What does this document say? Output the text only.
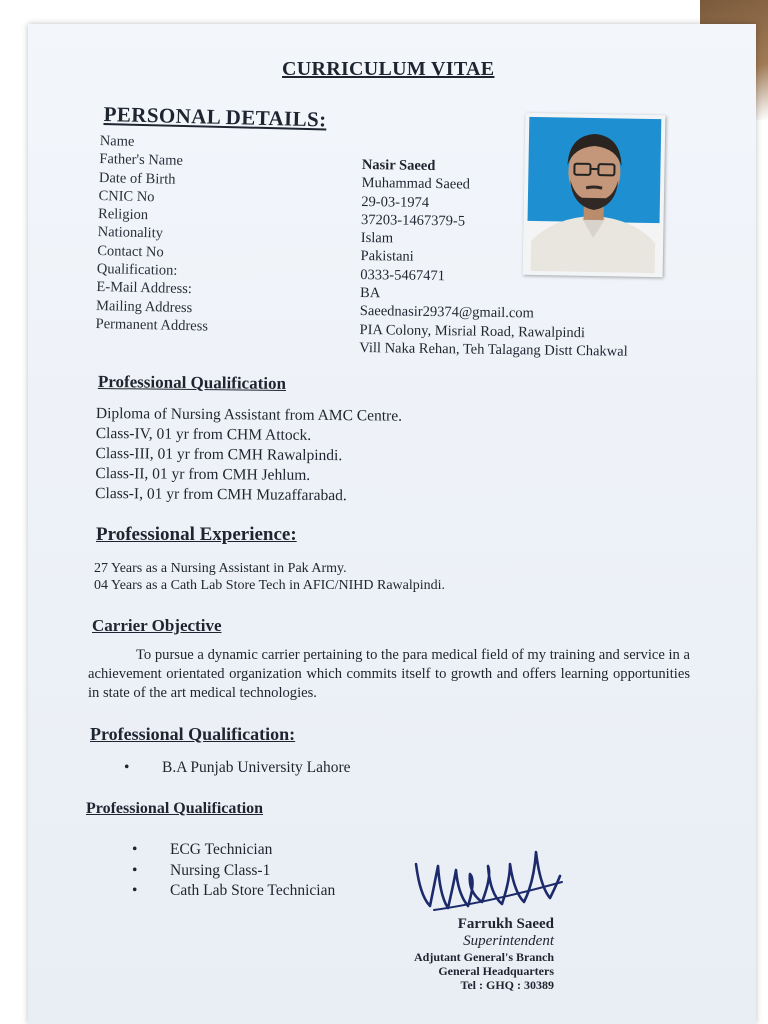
CURRICULUM VITAE
PERSONAL DETAILS:
Name
Father's Name
Date of Birth
CNIC No
Religion
Nationality
Contact No
Qualification:
E-Mail Address:
Mailing Address
Permanent Address
Nasir Saeed
Muhammad Saeed
29-03-1974
37203-1467379-5
Islam
Pakistani
0333-5467471
BA
Saeednasir29374@gmail.com
PIA Colony, Misrial Road, Rawalpindi
Vill Naka Rehan, Teh Talagang Distt Chakwal
Professional Qualification
Diploma of Nursing Assistant from AMC Centre.
Class-IV, 01 yr from CHM Attock.
Class-III, 01 yr from CMH Rawalpindi.
Class-II, 01 yr from CMH Jehlum.
Class-I, 01 yr from CMH Muzaffarabad.
Professional Experience:
27 Years as a Nursing Assistant in Pak Army.
04 Years as a Cath Lab Store Tech in AFIC/NIHD Rawalpindi.
Carrier Objective
To pursue a dynamic carrier pertaining to the para medical field of my training and service in a achievement orientated organization which commits itself to growth and offers learning opportunities in state of the art medical technologies.
Professional Qualification:
• B.A Punjab University Lahore
Professional Qualification
• ECG Technician
• Nursing Class-1
• Cath Lab Store Technician
Farrukh Saeed
Superintendent
Adjutant General's Branch
General Headquarters
Tel : GHQ : 30389
